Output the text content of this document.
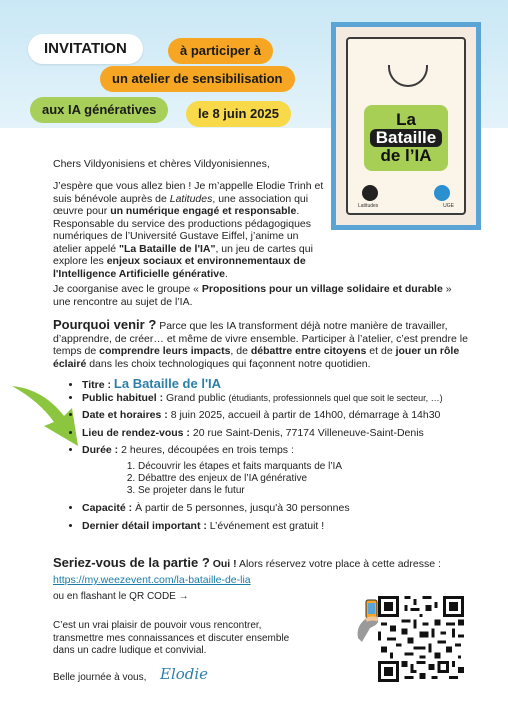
INVITATION	à participer à
un atelier de sensibilisation
aux IA génératives	le 8 juin 2025	La
Bataille
de l’IA
Latitudes	UGE
Chers Vildyonisiens et chères Vildyonisiennes,
J’espère que vous allez bien ! Je m’appelle Elodie Trinh et suis bénévole auprès de Latitudes, une association qui œuvre pour un numérique engagé et responsable. Responsable du service des productions pédagogiques numériques de l’Université Gustave Eiffel, j’anime un atelier appelé "La Bataille de l'IA", un jeu de cartes qui explore les enjeux sociaux et environnementaux de l'Intelligence Artificielle générative.
Je coorganise avec le groupe « Propositions pour un village solidaire et durable » une rencontre au sujet de l’IA.
Pourquoi venir ? Parce que les IA transforment déjà notre manière de travailler, d’apprendre, de créer… et même de vivre ensemble. Participer à l’atelier, c’est prendre le temps de comprendre leurs impacts, de débattre entre citoyens et de jouer un rôle éclairé dans les choix technologiques qui façonnent notre quotidien.
• Titre : La Bataille de l'IA
• Public habituel : Grand public (étudiants, professionnels quel que soit le secteur, …)
• Date et horaires : 8 juin 2025, accueil à partir de 14h00, démarrage à 14h30
• Lieu de rendez-vous : 20 rue Saint-Denis, 77174 Villeneuve-Saint-Denis
• Durée : 2 heures, découpées en trois temps :
1. Découvrir les étapes et faits marquants de l’IA
2. Débattre des enjeux de l’IA générative
3. Se projeter dans le futur
• Capacité : À partir de 5 personnes, jusqu'à 30 personnes
• Dernier détail important : L’événement est gratuit !
Seriez-vous de la partie ? Oui ! Alors réservez votre place à cette adresse :
https://my.weezevent.com/la-bataille-de-lia
ou en flashant le QR CODE →
C’est un vrai plaisir de pouvoir vous rencontrer, transmettre mes connaissances et discuter ensemble dans un cadre ludique et convivial.
Belle journée à vous, Elodie
